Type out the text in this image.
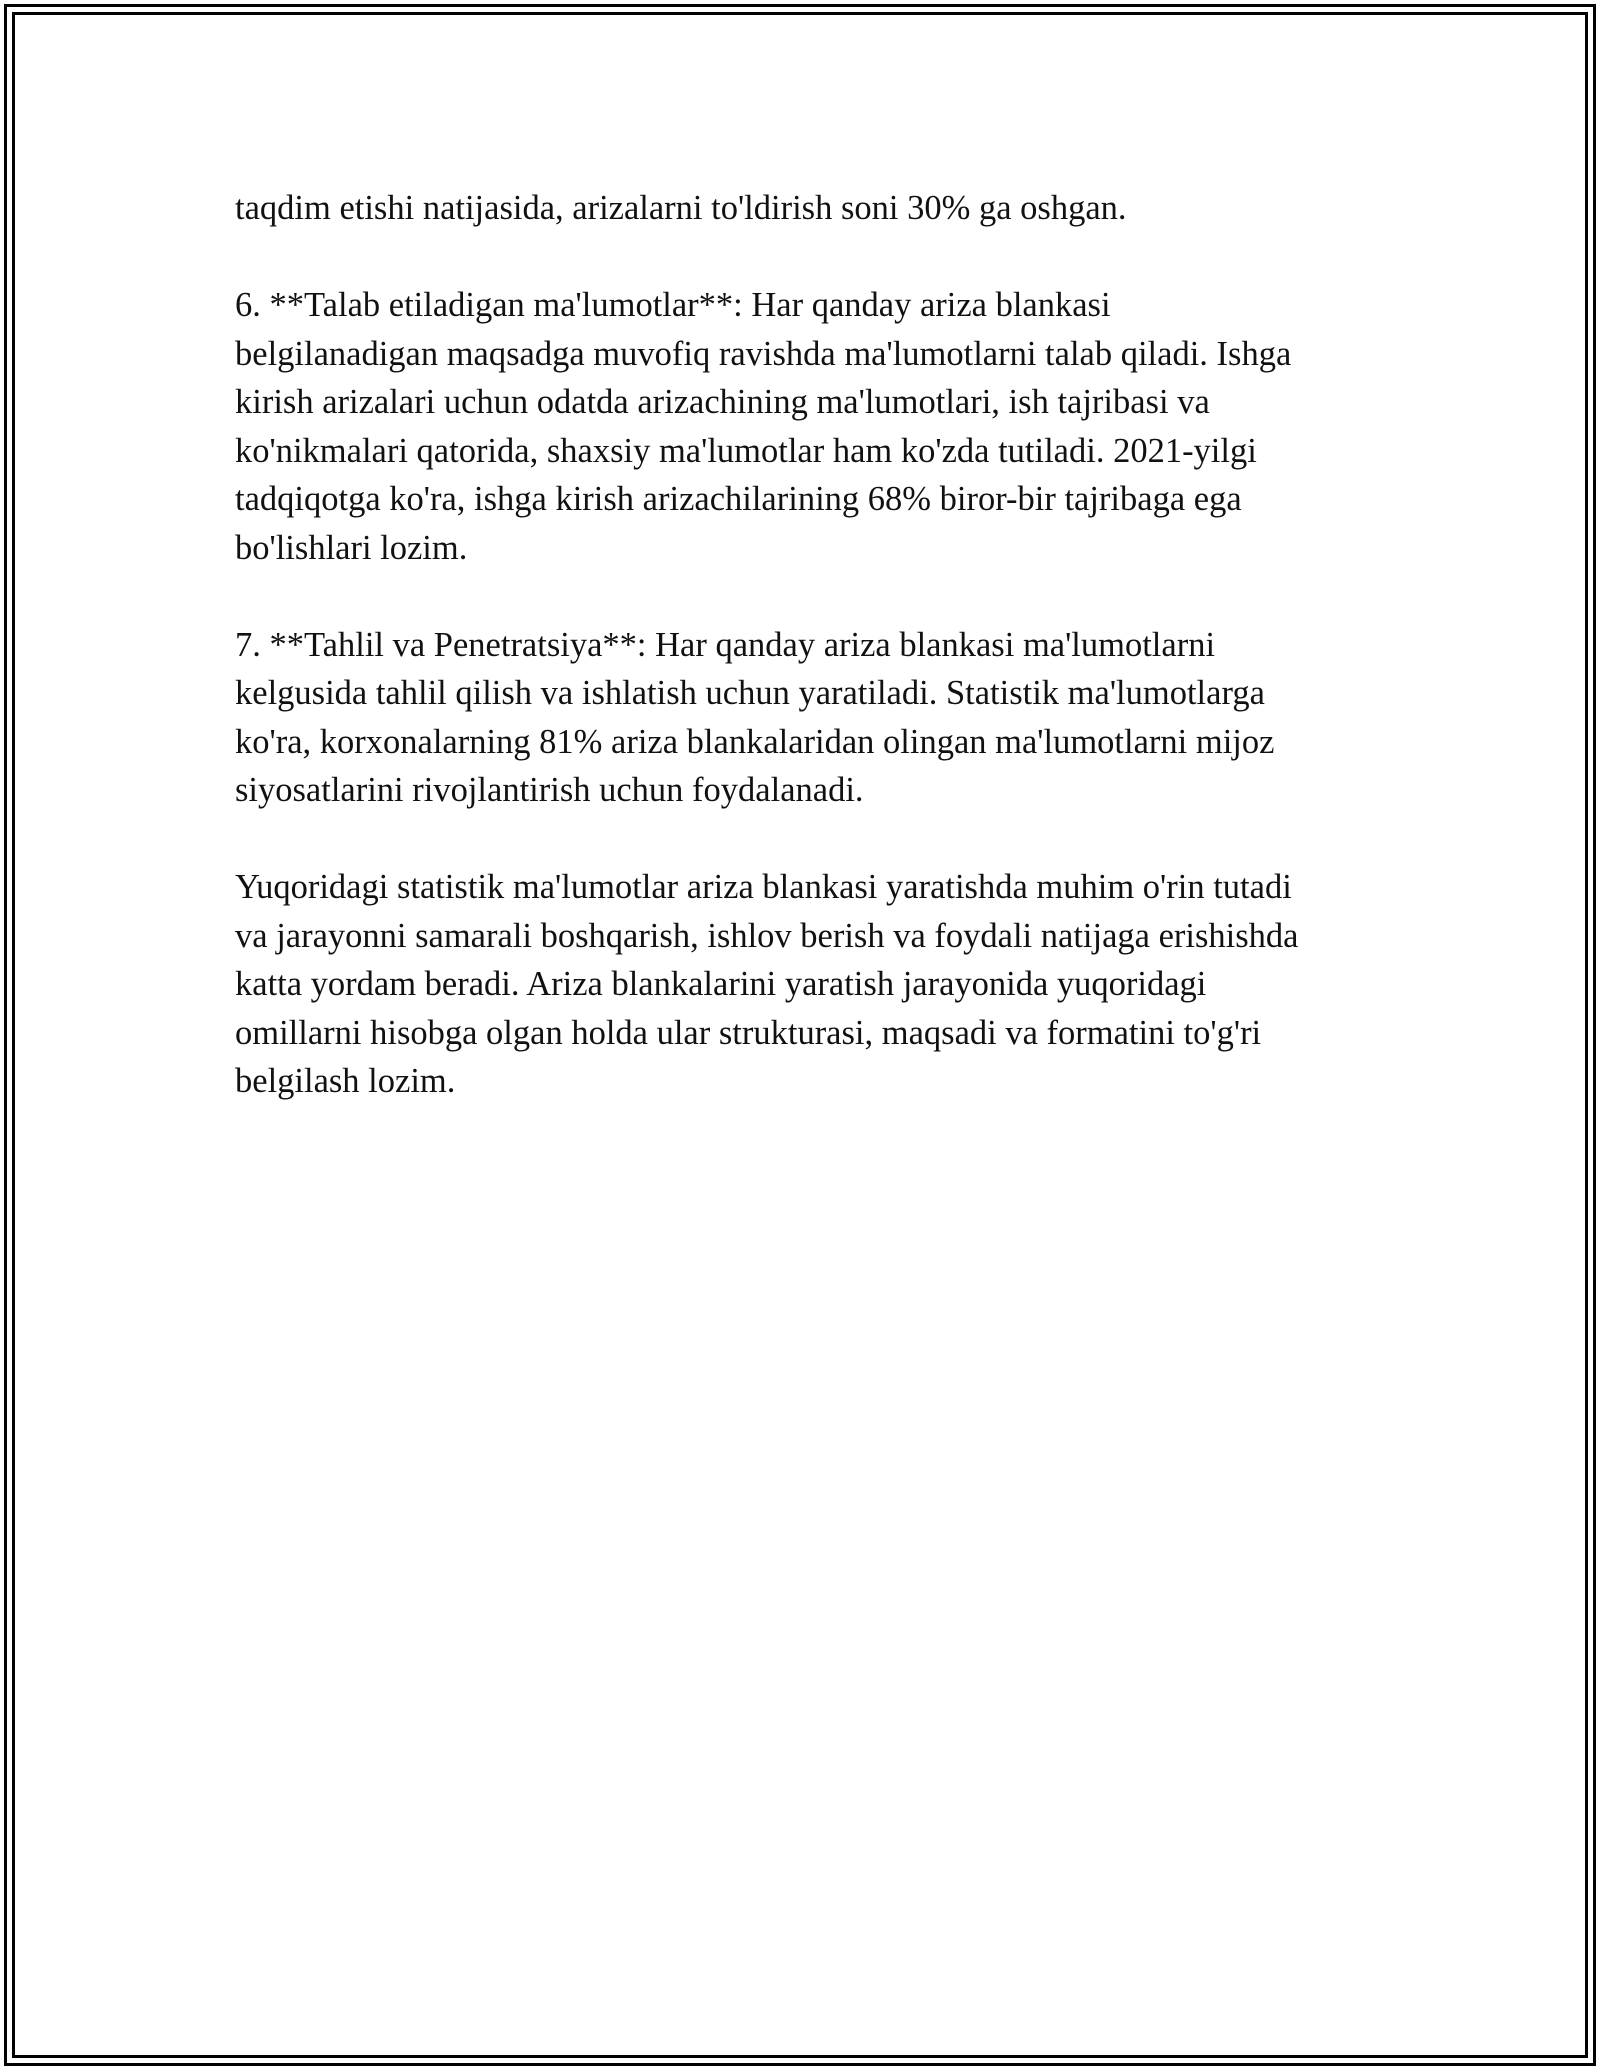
taqdim etishi natijasida, arizalarni to'ldirish soni 30% ga oshgan.

6. **Talab etiladigan ma'lumotlar**: Har qanday ariza blankasi
belgilanadigan maqsadga muvofiq ravishda ma'lumotlarni talab qiladi. Ishga
kirish arizalari uchun odatda arizachining ma'lumotlari, ish tajribasi va
ko'nikmalari qatorida, shaxsiy ma'lumotlar ham ko'zda tutiladi. 2021-yilgi
tadqiqotga ko'ra, ishga kirish arizachilarining 68% biror-bir tajribaga ega
bo'lishlari lozim.

7. **Tahlil va Penetratsiya**: Har qanday ariza blankasi ma'lumotlarni
kelgusida tahlil qilish va ishlatish uchun yaratiladi. Statistik ma'lumotlarga
ko'ra, korxonalarning 81% ariza blankalaridan olingan ma'lumotlarni mijoz
siyosatlarini rivojlantirish uchun foydalanadi.

Yuqoridagi statistik ma'lumotlar ariza blankasi yaratishda muhim o'rin tutadi
va jarayonni samarali boshqarish, ishlov berish va foydali natijaga erishishda
katta yordam beradi. Ariza blankalarini yaratish jarayonida yuqoridagi
omillarni hisobga olgan holda ular strukturasi, maqsadi va formatini to'g'ri
belgilash lozim.
